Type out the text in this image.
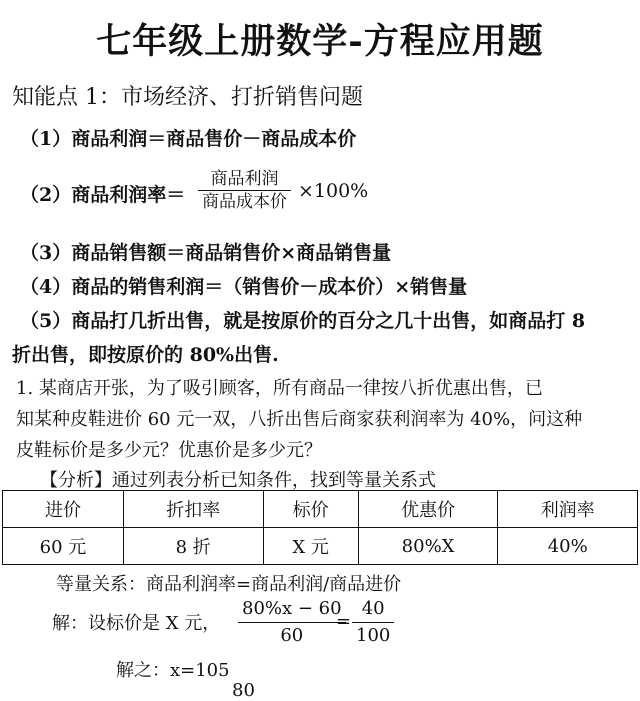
七年级上册数学-方程应用题
知能点 1：市场经济、打折销售问题
（1）商品利润＝商品售价－商品成本价
（2）商品利润率＝
商品利润
商品成本价 ×100%
（3）商品销售额＝商品销售价×商品销售量
（4）商品的销售利润＝（销售价－成本价）×销售量
（5）商品打几折出售，就是按原价的百分之几十出售，如商品打 8
折出售，即按原价的 80%出售.
1. 某商店开张，为了吸引顾客，所有商品一律按八折优惠出售，已
知某种皮鞋进价 60 元一双，八折出售后商家获利润率为 40%，问这种
皮鞋标价是多少元？优惠价是多少元？
【分析】通过列表分析已知条件，找到等量关系式
进价	折扣率	标价	优惠价	利润率
60 元	8 折	X 元	80%X	40%
等量关系：商品利润率=商品利润/商品进价
解：设标价是 X 元，
80%x − 60
60
=
40
100
解之：x=105
80
